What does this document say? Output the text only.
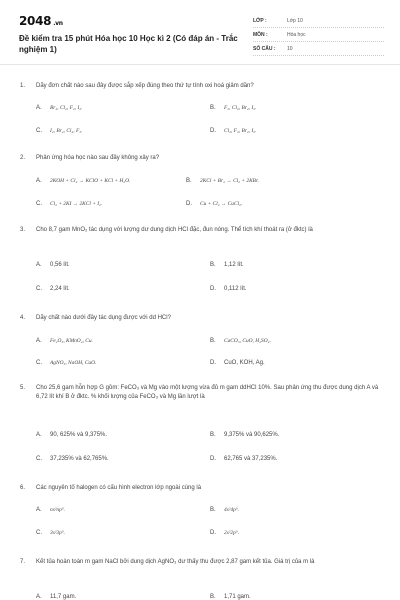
2048 .vn
Đề kiểm tra 15 phút Hóa học 10 Học kì 2 (Có đáp án - Trắc nghiệm 1)
LỚP :	Lớp 10
MÔN :	Hóa học
SỐ CÂU :	10
1.	Dãy đơn chất nào sau đây được sắp xếp đúng theo thứ tự tính oxi hoá giảm dần?
A. Br₂, Cl₂, F₂, I₂.	B. F₂, Cl₂, Br₂, I₂.
C. I₂, Br₂, Cl₂, F₂.	D. Cl₂, F₂, Br₂, I₂.
2.	Phản ứng hóa học nào sau đây không xảy ra?
A. 2KOH + Cl₂ → KClO + KCl + H₂O.	B. 2KCl + Br₂ → Cl₂ + 2KBr.
C. Cl₂ + 2KI → 2KCl + I₂.	D. Cu + Cl₂ → CuCl₂.
3.	Cho 8,7 gam MnO₂ tác dụng với lượng dư dung dịch HCl đặc, đun nóng. Thể tích khí thoát ra (ở đktc) là
A. 0,56 lít.	B. 1,12 lít.
C. 2,24 lít.	D. 0,112 lít.
4.	Dãy chất nào dưới đây tác dụng được với dd HCl?
A. Fe₂O₃, KMnO₄, Cu.	B. CaCO₃, CuO, H₂SO₄.
C. AgNO₃, NaOH, CuO.	D. CuO, KOH, Ag.
5.	Cho 25,6 gam hỗn hợp G gồm: FeCO₃ và Mg vào một lượng vừa đủ m gam ddHCl 10%. Sau phản ứng thu được dung dịch A và 6,72 lít khí B ở đktc. % khối lượng của FeCO₃ và Mg lần lượt là
A. 90, 625% và 9,375%.	B. 9,375% và 90,625%.
C. 37,235% và 62,765%.	D. 62,765 và 37,235%.
6.	Các nguyên tố halogen có cấu hình electron lớp ngoài cùng là
A. ns²np⁵.	B. 4s²4p⁵.
C. 3s²3p⁵.	D. 2s²2p⁵.
7.	Kết tủa hoàn toàn m gam NaCl bởi dung dịch AgNO₃ dư thấy thu được 2,87 gam kết tủa. Giá trị của m là
A. 11,7 gam.	B. 1,71 gam.
